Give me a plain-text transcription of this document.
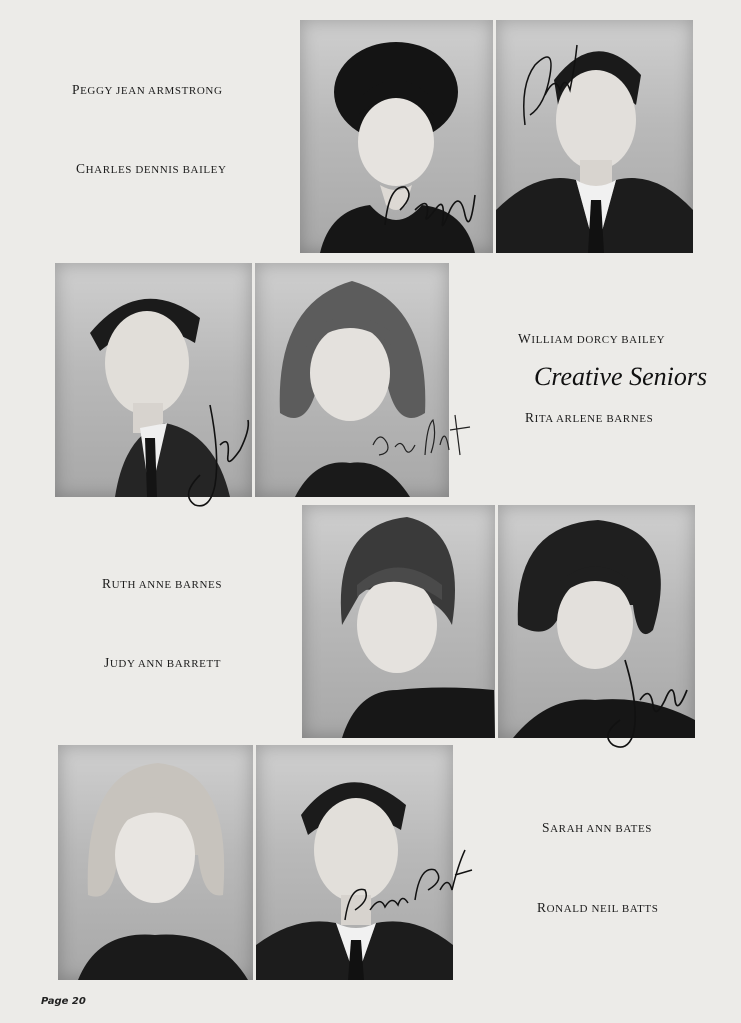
PEGGY JEAN ARMSTRONG
CHARLES DENNIS BAILEY
WILLIAM DORCY BAILEY
Creative Seniors
RITA ARLENE BARNES
RUTH ANNE BARNES
JUDY ANN BARRETT
SARAH ANN BATES
RONALD NEIL BATTS
Page 20
